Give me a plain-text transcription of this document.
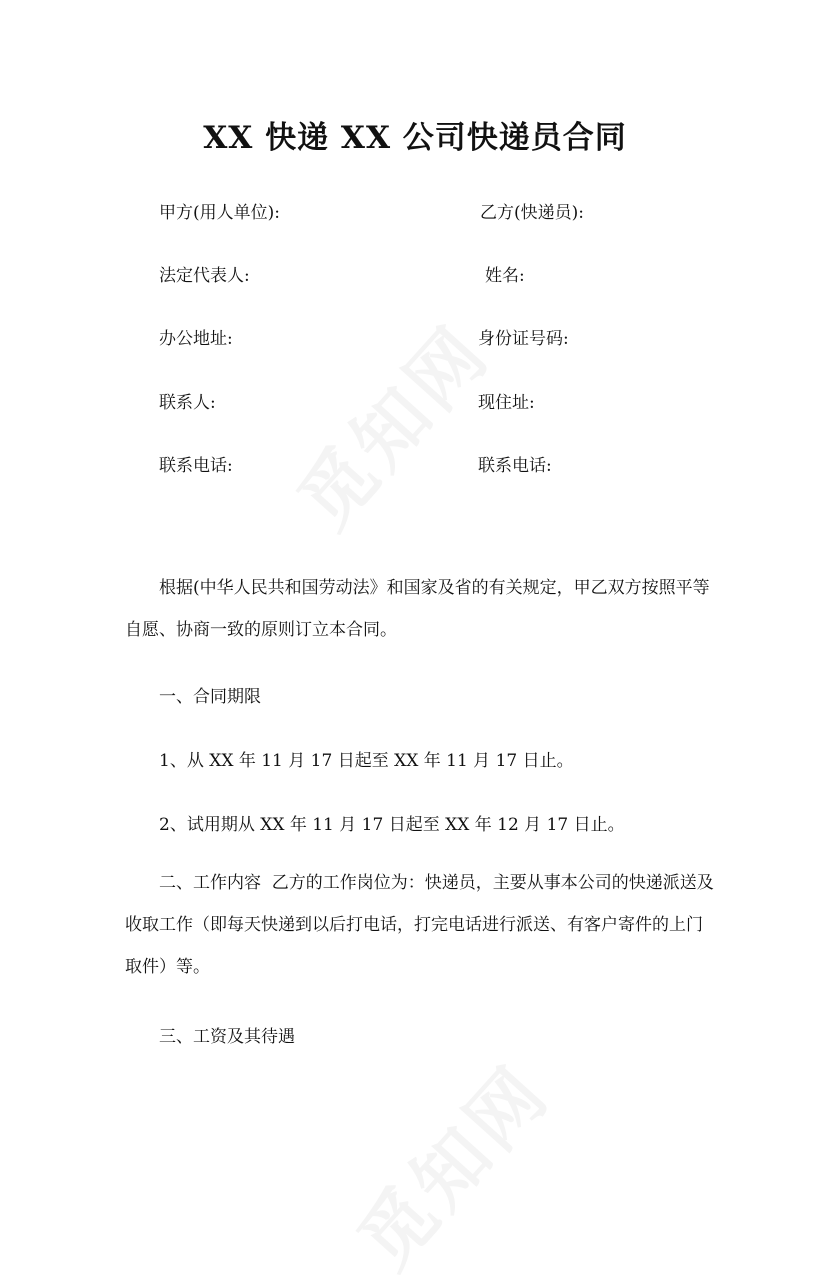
XX 快递 XX 公司快递员合同
甲方(用人单位):
法定代表人:
办公地址:
联系人:
联系电话:
乙方(快递员):
姓名:
身份证号码:
现住址:
联系电话:

根据(中华人民共和国劳动法》和国家及省的有关规定，甲乙双方按照平等

自愿、协商一致的原则订立本合同。

一、合同期限
1、从 XX 年 11 月 17 日起至 XX 年 11 月 17 日止。
2、试用期从 XX 年 11 月 17 日起至 XX 年 12 月 17 日止。

二、工作内容  乙方的工作岗位为：快递员，主要从事本公司的快递派送及

收取工作（即每天快递到以后打电话，打完电话进行派送、有客户寄件的上门

取件）等。

三、工资及其待遇
